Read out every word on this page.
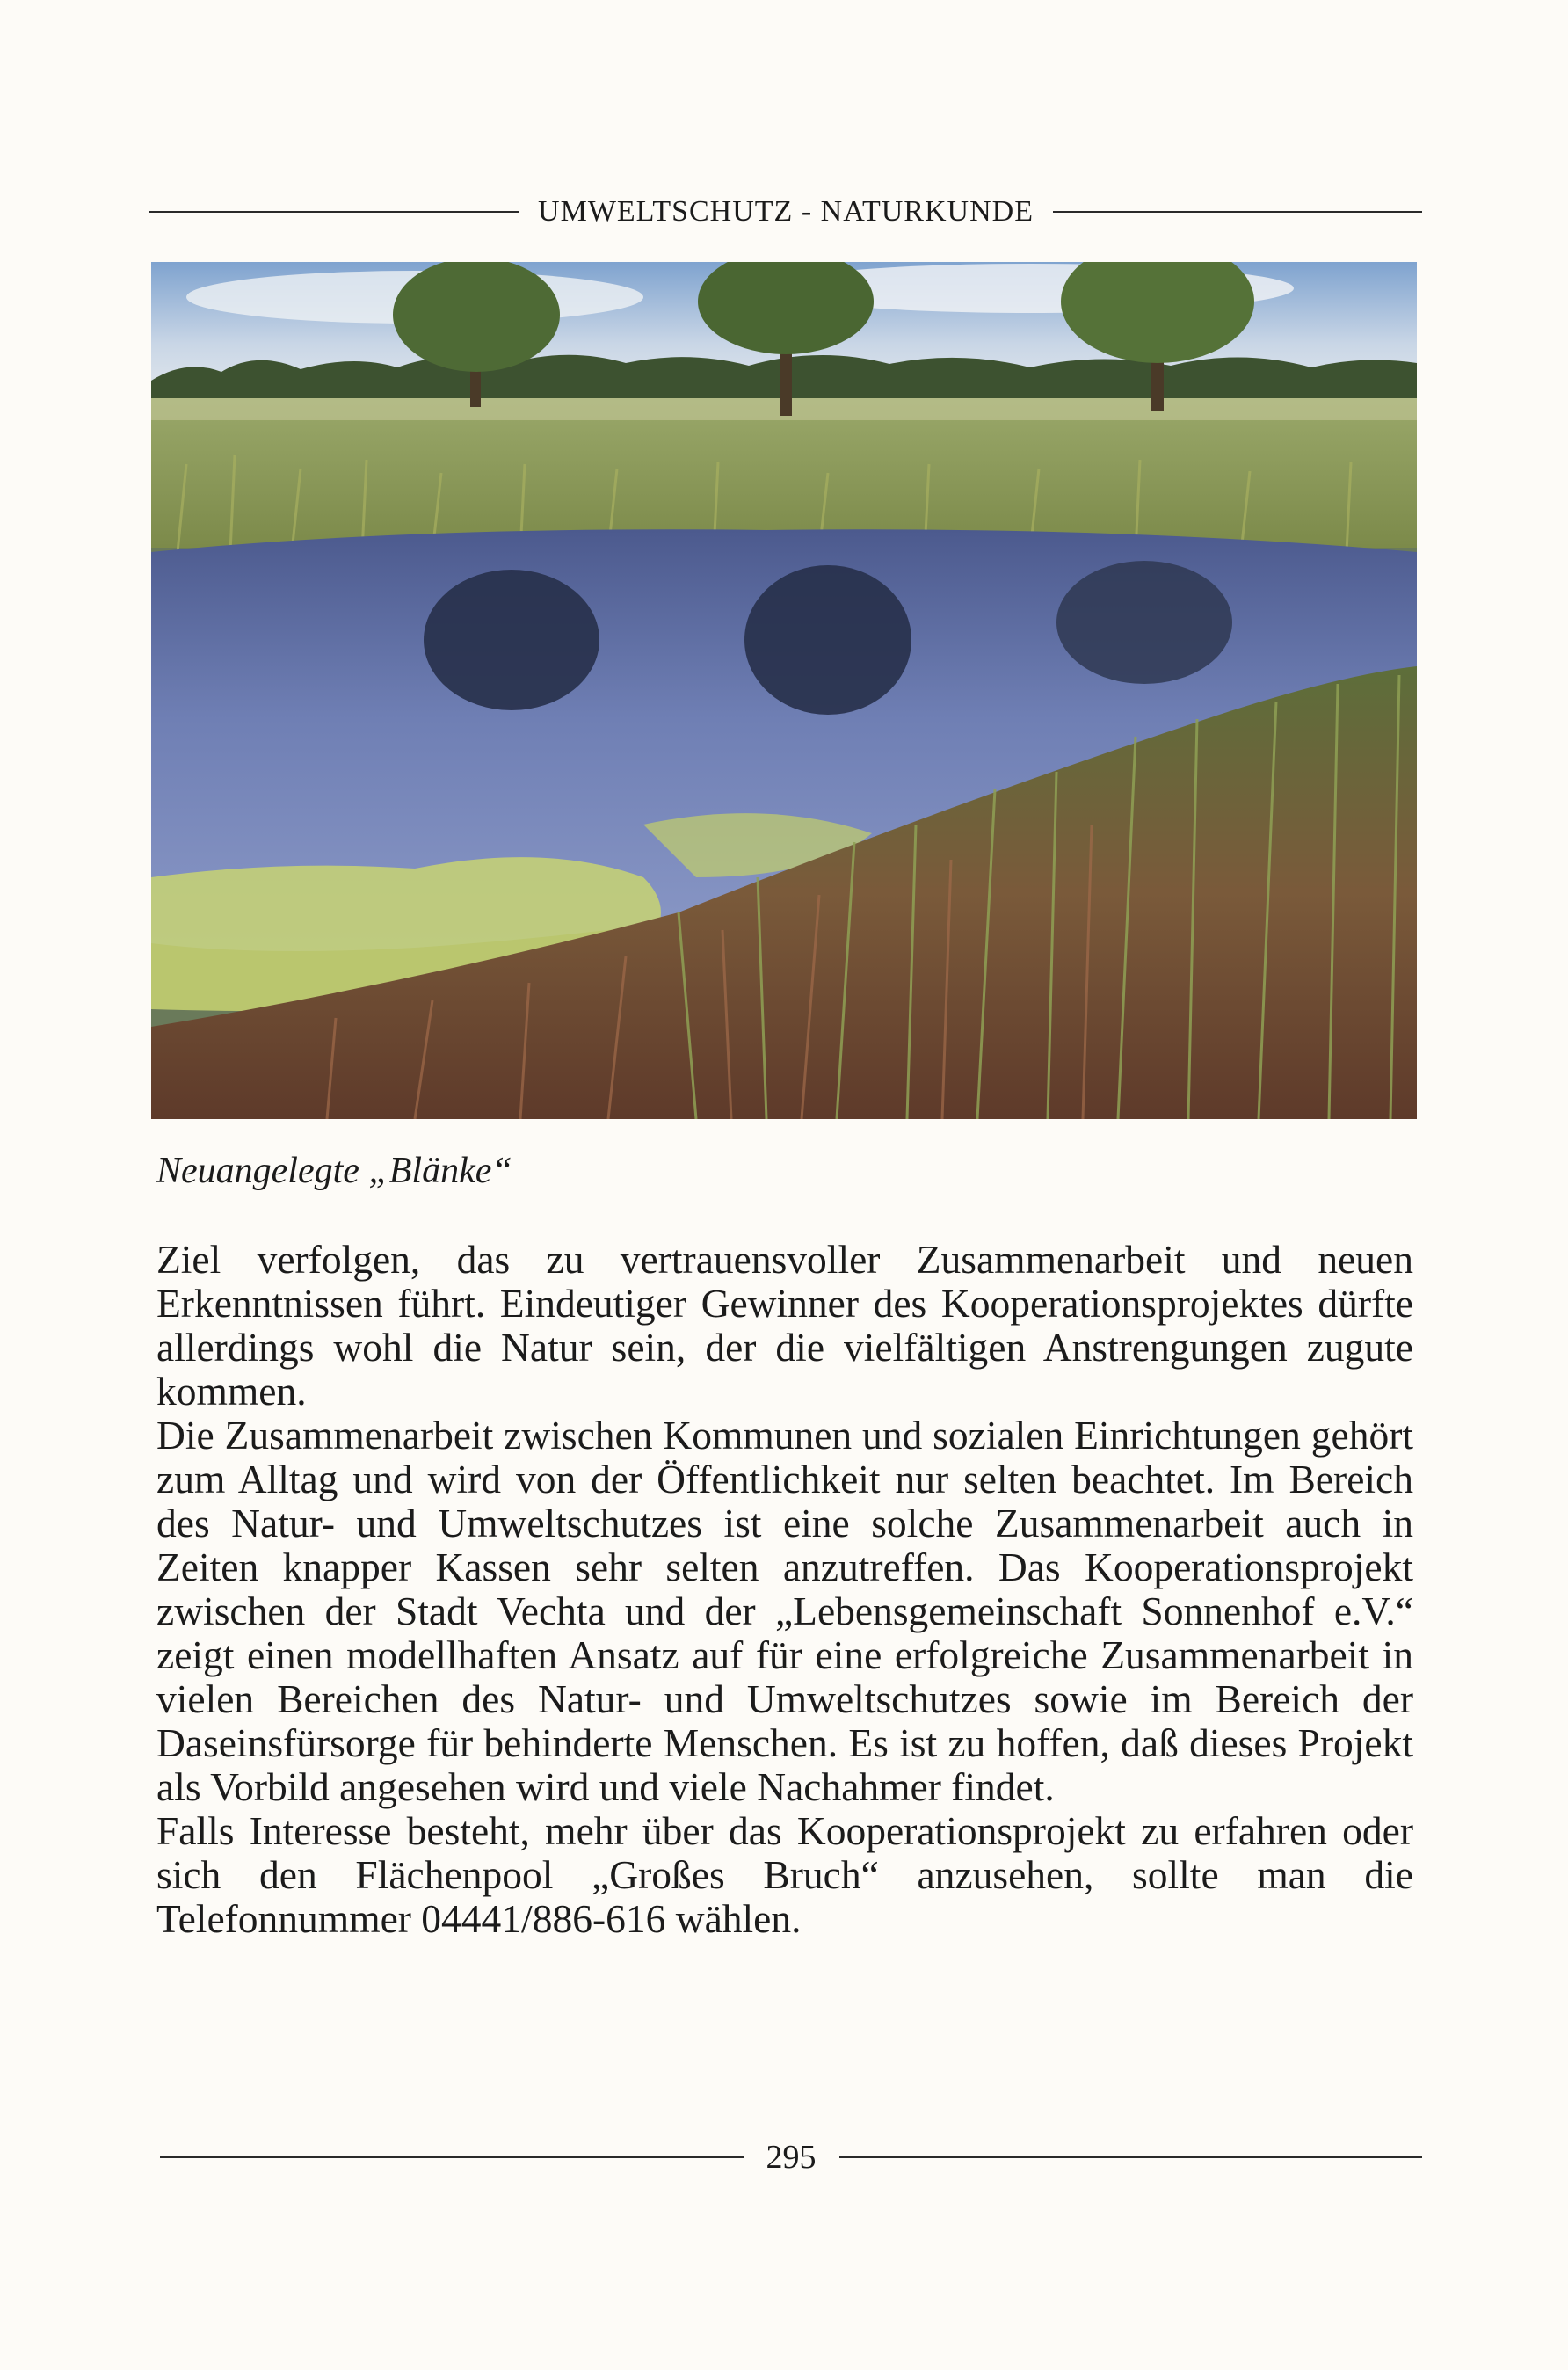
UMWELTSCHUTZ - NATURKUNDE
Neuangelegte „Blänke“

Ziel verfolgen, das zu vertrauensvoller Zusammenarbeit und neuen Erkenntnissen führt. Eindeutiger Gewinner des Kooperationsprojektes dürfte allerdings wohl die Natur sein, der die vielfältigen Anstrengungen zugute kommen.

Die Zusammenarbeit zwischen Kommunen und sozialen Einrichtungen gehört zum Alltag und wird von der Öffentlichkeit nur selten beachtet. Im Bereich des Natur- und Umweltschutzes ist eine solche Zusammenarbeit auch in Zeiten knapper Kassen sehr selten anzutreffen. Das Kooperationsprojekt zwischen der Stadt Vechta und der „Lebensgemeinschaft Sonnenhof e.V.“ zeigt einen modellhaften Ansatz auf für eine erfolgreiche Zusammenarbeit in vielen Bereichen des Natur- und Umweltschutzes sowie im Bereich der Daseinsfürsorge für behinderte Menschen. Es ist zu hoffen, daß dieses Projekt als Vorbild angesehen wird und viele Nachahmer findet.

Falls Interesse besteht, mehr über das Kooperationsprojekt zu erfahren oder sich den Flächenpool „Großes Bruch“ anzusehen, sollte man die Telefonnummer 04441/886-616 wählen.

295
